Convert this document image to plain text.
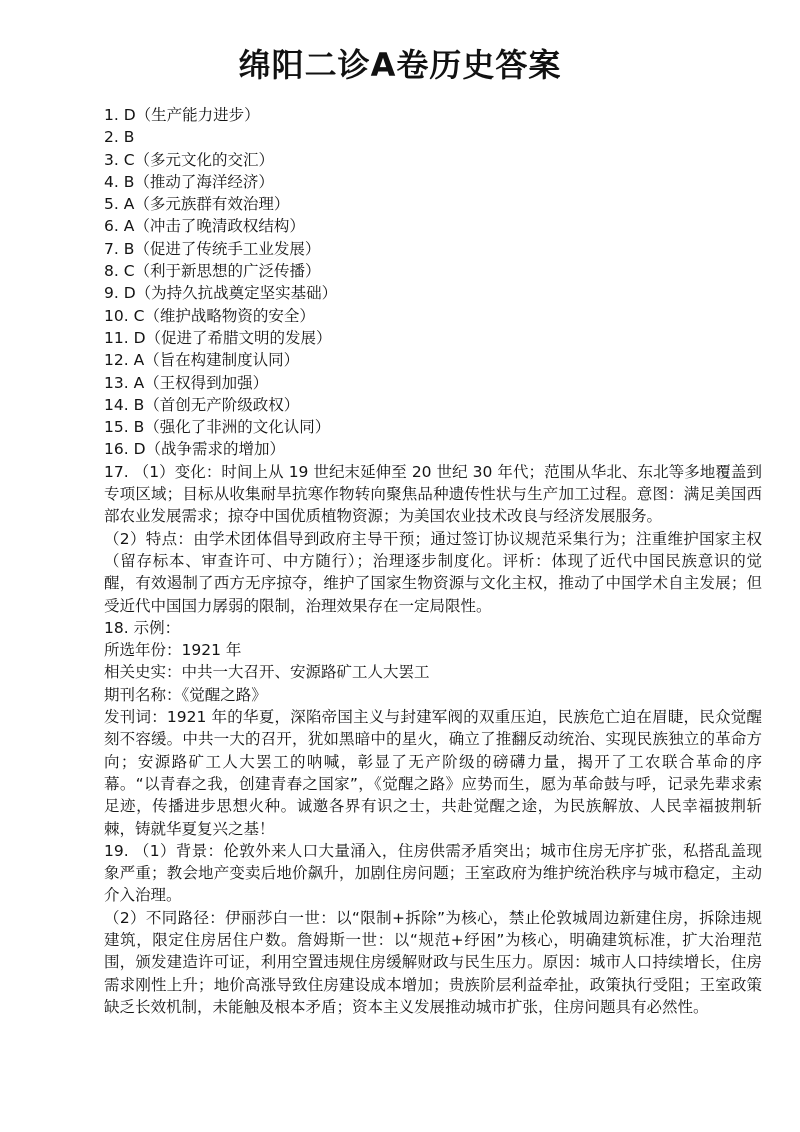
绵阳二诊A卷历史答案
1. D（生产能力进步）
2. B
3. C（多元文化的交汇）
4. B（推动了海洋经济）
5. A（多元族群有效治理）
6. A（冲击了晚清政权结构）
7. B（促进了传统手工业发展）
8. C（利于新思想的广泛传播）
9. D（为持久抗战奠定坚实基础）
10. C（维护战略物资的安全）
11. D（促进了希腊文明的发展）
12. A（旨在构建制度认同）
13. A（王权得到加强）
14. B（首创无产阶级政权）
15. B（强化了非洲的文化认同）
16. D（战争需求的增加）

17. （1）变化：时间上从 19 世纪末延伸至 20 世纪 30 年代；范围从华北、东北等多地覆盖到专项区域；目标从收集耐旱抗寒作物转向聚焦品种遗传性状与生产加工过程。意图：满足美国西部农业发展需求；掠夺中国优质植物资源；为美国农业技术改良与经济发展服务。

（2）特点：由学术团体倡导到政府主导干预；通过签订协议规范采集行为；注重维护国家主权（留存标本、审查许可、中方随行）；治理逐步制度化。评析：体现了近代中国民族意识的觉醒，有效遏制了西方无序掠夺，维护了国家生物资源与文化主权，推动了中国学术自主发展；但受近代中国国力孱弱的限制，治理效果存在一定局限性。

18. 示例：
所选年份：1921 年
相关史实：中共一大召开、安源路矿工人大罢工
期刊名称：《觉醒之路》

发刊词：1921 年的华夏，深陷帝国主义与封建军阀的双重压迫，民族危亡迫在眉睫，民众觉醒刻不容缓。中共一大的召开，犹如黑暗中的星火，确立了推翻反动统治、实现民族独立的革命方向；安源路矿工人大罢工的呐喊，彰显了无产阶级的磅礴力量，揭开了工农联合革命的序幕。“以青春之我，创建青春之国家”，《觉醒之路》应势而生，愿为革命鼓与呼，记录先辈求索足迹，传播进步思想火种。诚邀各界有识之士，共赴觉醒之途，为民族解放、人民幸福披荆斩棘，铸就华夏复兴之基！

19. （1）背景：伦敦外来人口大量涌入，住房供需矛盾突出；城市住房无序扩张，私搭乱盖现象严重；教会地产变卖后地价飙升，加剧住房问题；王室政府为维护统治秩序与城市稳定，主动介入治理。

（2）不同路径：伊丽莎白一世：以“限制+拆除”为核心，禁止伦敦城周边新建住房，拆除违规建筑，限定住房居住户数。詹姆斯一世：以“规范+纾困”为核心，明确建筑标准，扩大治理范围，颁发建造许可证，利用空置违规住房缓解财政与民生压力。原因：城市人口持续增长，住房需求刚性上升；地价高涨导致住房建设成本增加；贵族阶层利益牵扯，政策执行受阻；王室政策缺乏长效机制，未能触及根本矛盾；资本主义发展推动城市扩张，住房问题具有必然性。
